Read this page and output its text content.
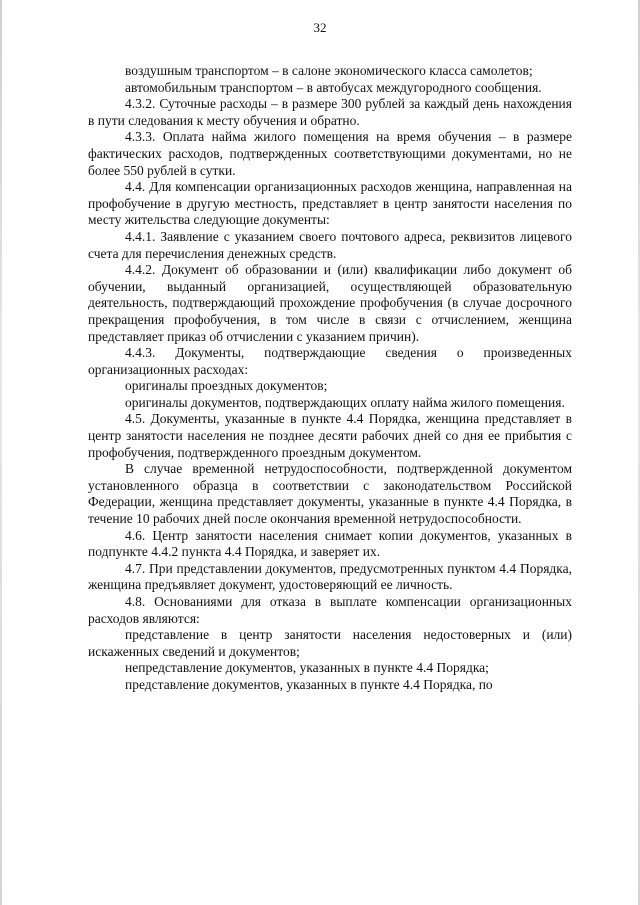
32

воздушным транспортом – в салоне экономического класса самолетов;

автомобильным транспортом – в автобусах междугородного сообщения.

4.3.2. Суточные расходы – в размере 300 рублей за каждый день нахождения в пути следования к месту обучения и обратно.

4.3.3. Оплата найма жилого помещения на время обучения – в размере фактических расходов, подтвержденных соответствующими документами, но не более 550 рублей в сутки.

4.4. Для компенсации организационных расходов женщина, направленная на профобучение в другую местность, представляет в центр занятости населения по месту жительства следующие документы:

4.4.1. Заявление с указанием своего почтового адреса, реквизитов лицевого счета для перечисления денежных средств.

4.4.2. Документ об образовании и (или) квалификации либо документ об обучении, выданный организацией, осуществляющей образовательную деятельность, подтверждающий прохождение профобучения (в случае досрочного прекращения профобучения, в том числе в связи с отчислением, женщина представляет приказ об отчислении с указанием причин).

4.4.3. Документы, подтверждающие сведения о произведенных организационных расходах:

оригиналы проездных документов;

оригиналы документов, подтверждающих оплату найма жилого помещения.

4.5. Документы, указанные в пункте 4.4 Порядка, женщина представляет в центр занятости населения не позднее десяти рабочих дней со дня ее прибытия с профобучения, подтвержденного проездным документом.

В случае временной нетрудоспособности, подтвержденной документом установленного образца в соответствии с законодательством Российской Федерации, женщина представляет документы, указанные в пункте 4.4 Порядка, в течение 10 рабочих дней после окончания временной нетрудоспособности.

4.6. Центр занятости населения снимает копии документов, указанных в подпункте 4.4.2 пункта 4.4 Порядка, и заверяет их.

4.7. При представлении документов, предусмотренных пунктом 4.4 Порядка, женщина предъявляет документ, удостоверяющий ее личность.

4.8. Основаниями для отказа в выплате компенсации организационных расходов являются:

представление в центр занятости населения недостоверных и (или) искаженных сведений и документов;

непредставление документов, указанных в пункте 4.4 Порядка;

представление документов, указанных в пункте 4.4 Порядка, по
